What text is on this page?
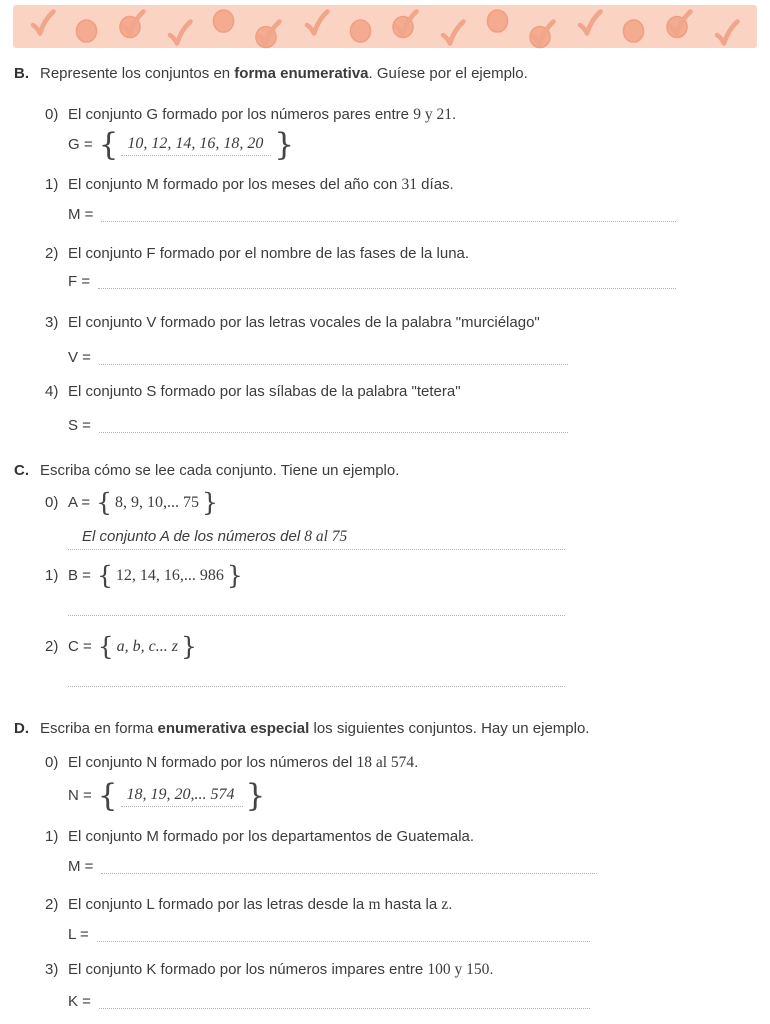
B. Represente los conjuntos en forma enumerativa. Guíese por el ejemplo.
0) El conjunto G formado por los números pares entre 9 y 21.
G = { 10, 12, 14, 16, 18, 20 }
1) El conjunto M formado por los meses del año con 31 días.
M =
2) El conjunto F formado por el nombre de las fases de la luna.
F =
3) El conjunto V formado por las letras vocales de la palabra "murciélago"
V =
4) El conjunto S formado por las sílabas de la palabra "tetera"
S =
C. Escriba cómo se lee cada conjunto. Tiene un ejemplo.
0) A = { 8, 9, 10,... 75 }
El conjunto A de los números del 8 al 75
1) B = { 12, 14, 16,... 986 }
2) C = { a, b, c... z }
D. Escriba en forma enumerativa especial los siguientes conjuntos. Hay un ejemplo.
0) El conjunto N formado por los números del 18 al 574.
N = { 18, 19, 20,... 574 }
1) El conjunto M formado por los departamentos de Guatemala.
M =
2) El conjunto L formado por las letras desde la m hasta la z.
L =
3) El conjunto K formado por los números impares entre 100 y 150.
K =
